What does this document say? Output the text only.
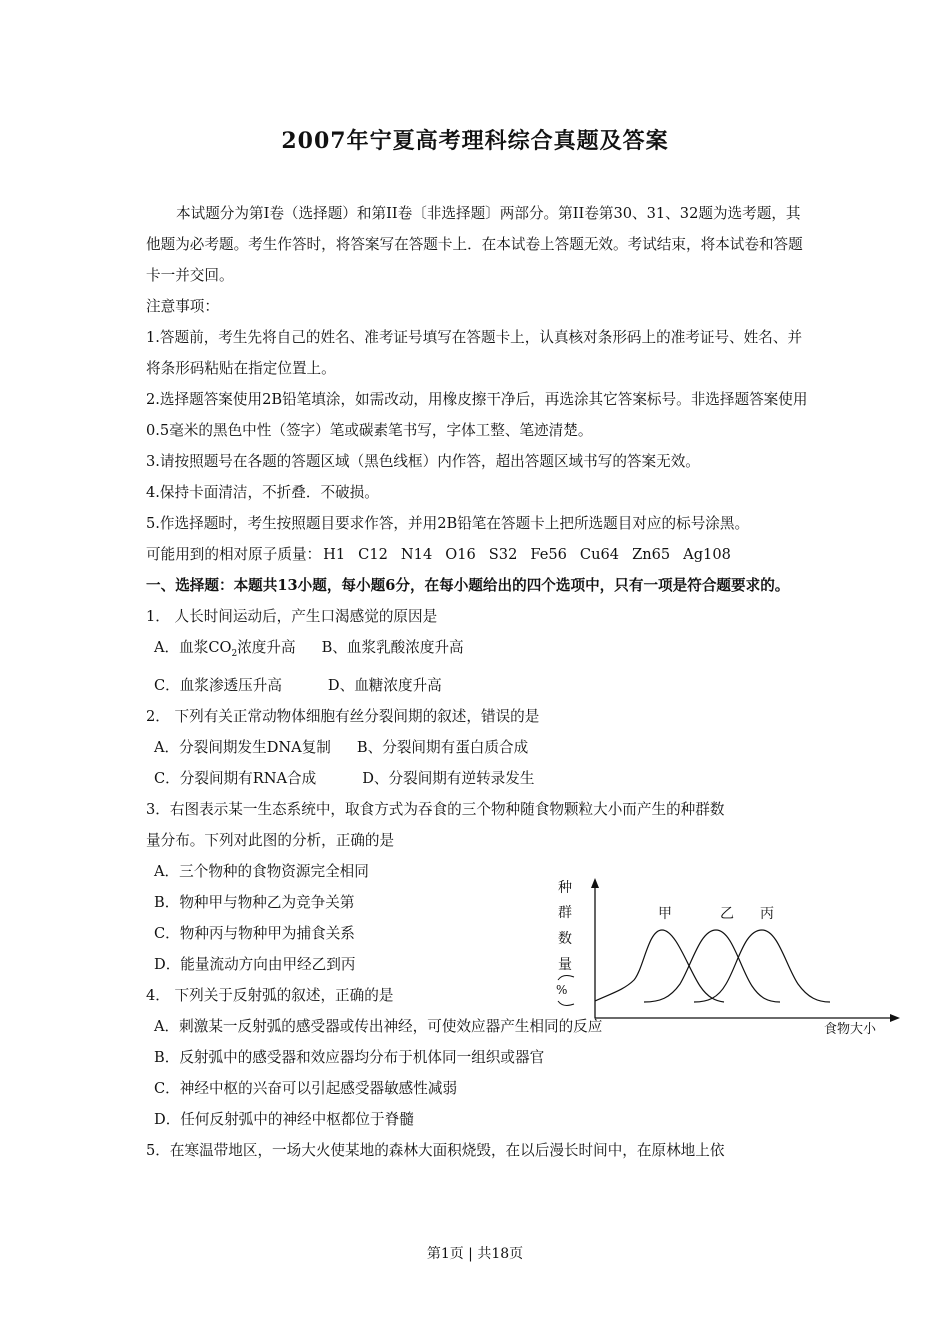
2007年宁夏高考理科综合真题及答案

本试题分为第I卷（选择题）和第II卷〔非选择题〕两部分。第II卷第30、31、32题为选考题，其他题为必考题。考生作答时，将答案写在答题卡上．在本试卷上答题无效。考试结束，将本试卷和答题卡一并交回。

注意事项：

1.答题前，考生先将自己的姓名、准考证号填写在答题卡上，认真核对条形码上的准考证号、姓名、并将条形码粘贴在指定位置上。

2.选择题答案使用2B铅笔填涂，如需改动，用橡皮擦干净后，再选涂其它答案标号。非选择题答案使用0.5毫米的黑色中性（签字）笔或碳素笔书写，字体工整、笔迹清楚。

3.请按照题号在各题的答题区域（黑色线框）内作答，超出答题区域书写的答案无效。

4.保持卡面清洁，不折叠．不破损。

5.作选择题时，考生按照题目要求作答，并用2B铅笔在答题卡上把所选题目对应的标号涂黑。

可能用到的相对原子质量： H1 C12 N14 O16 S32 Fe56 Cu64 Zn65 Ag108

一、选择题：本题共13小题，每小题6分，在每小题给出的四个选项中，只有一项是符合题要求的。

1． 人长时间运动后，产生口渴感觉的原因是

A．血浆$CO_2$浓度升高 B、血浆乳酸浓度升高

C．血浆渗透压升高	D、血糖浓度升高

2． 下列有关正常动物体细胞有丝分裂间期的叙述，错误的是

A．分裂间期发生DNA复制 B、分裂间期有蛋白质合成

C．分裂间期有RNA合成	D、分裂间期有逆转录发生

3．右图表示某一生态系统中，取食方式为吞食的三个物种随食物颗粒大小而产生的种群数

量分布。下列对此图的分析，正确的是

A．三个物种的食物资源完全相同

B．物种甲与物种乙为竞争关第

C．物种丙与物种甲为捕食关系

D．能量流动方向由甲经乙到丙

4． 下列关于反射弧的叙述，正确的是

A．刺激某一反射弧的感受器或传出神经，可使效应器产生相同的反应

B．反射弧中的感受器和效应器均分布于机体同一组织或器官

C．神经中枢的兴奋可以引起感受器敏感性减弱

D．任何反射弧中的神经中枢都位于脊髓

5．在寒温带地区，一场大火使某地的森林大面积烧毁，在以后漫长时间中，在原林地上依

种
群
数
量
%
甲	乙 丙
食物大小
第1页 | 共18页
